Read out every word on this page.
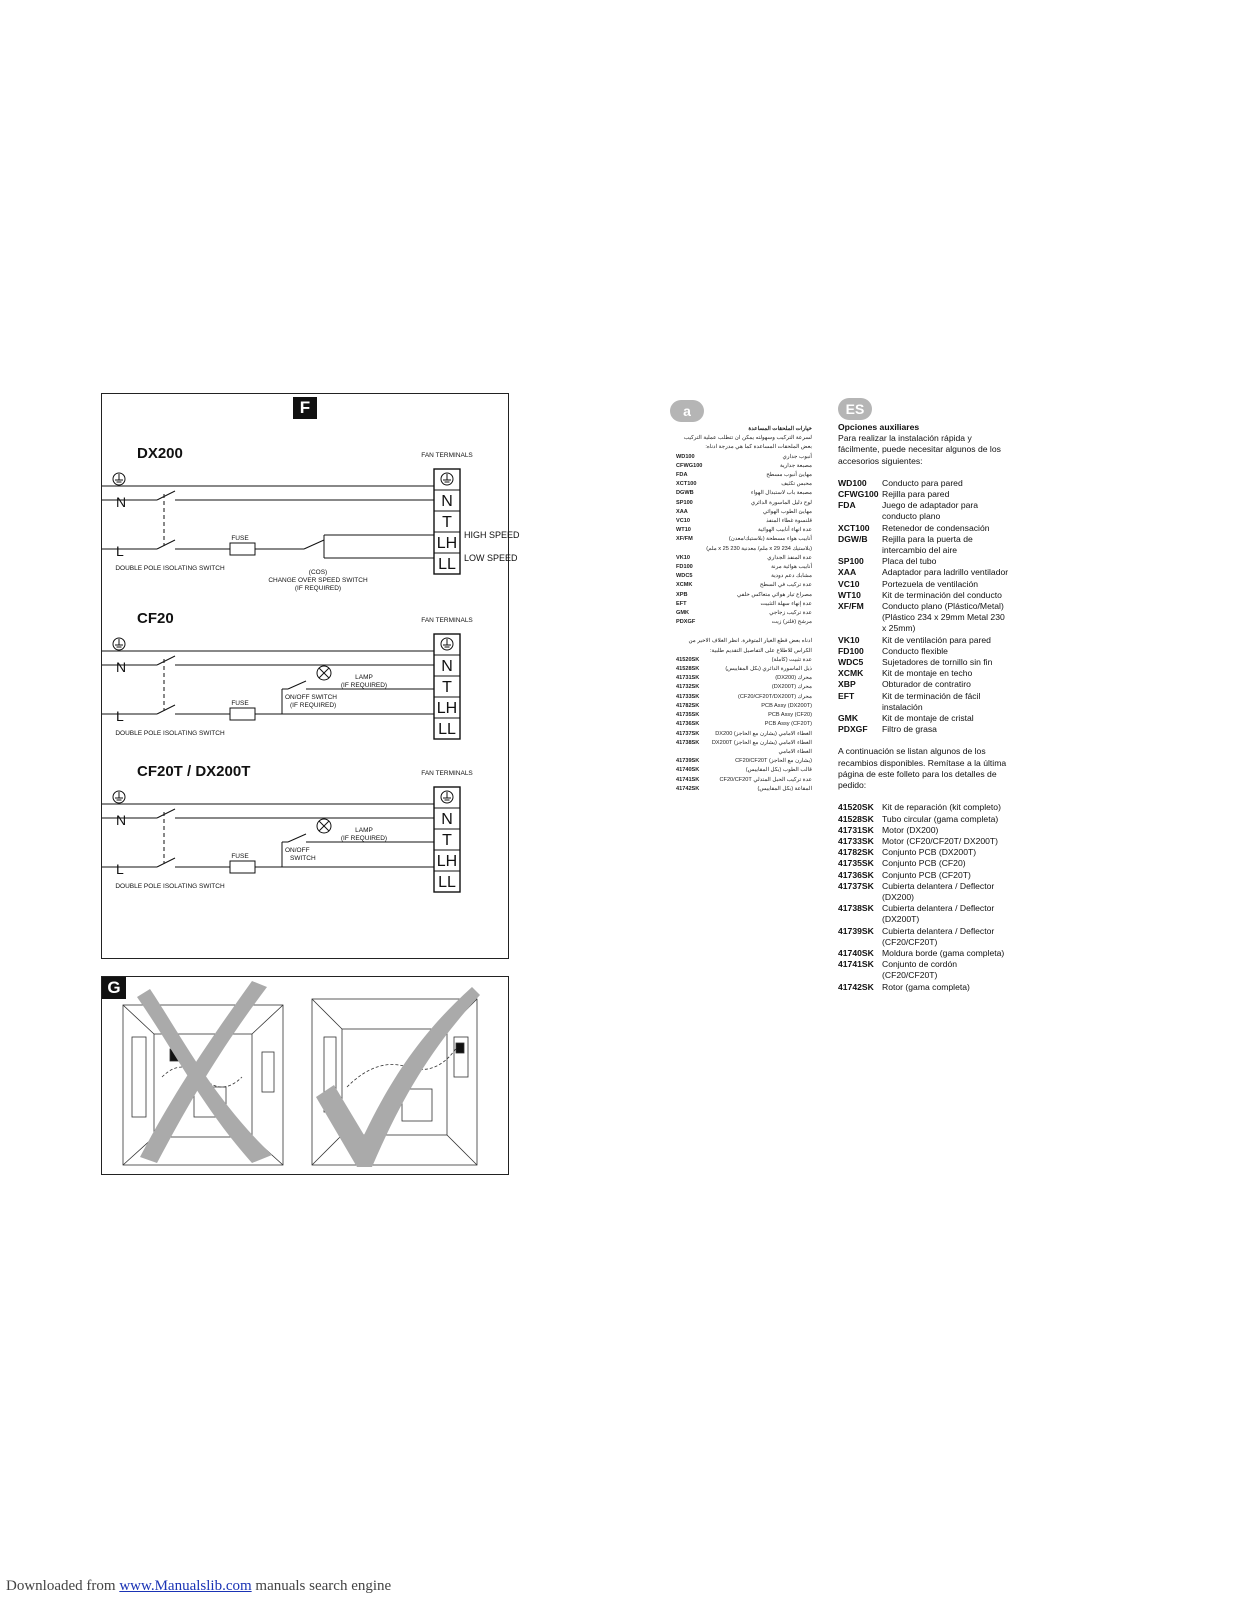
F
DX200	FAN TERMINALS
N
T
LH
LL
N
L
FUSE
DOUBLE POLE ISOLATING SWITCH
HIGH SPEED
LOW SPEED
(COS)
CHANGE OVER SPEED SWITCH
(IF REQUIRED)
CF20	FAN TERMINALS
N
T
LH
LL
N
L
FUSE
DOUBLE POLE ISOLATING SWITCH
LAMP
(IF REQUIRED)
ON/OFF SWITCH
(IF REQUIRED)
CF20T / DX200T	FAN TERMINALS
N
T
LH
LL
N
L
FUSE
DOUBLE POLE ISOLATING SWITCH
LAMP
(IF REQUIRED)
ON/OFF
SWITCH
G
a
خيارات الملحقات المساعدة
لسرعة التركيب وسهولته يمكن ان تتطلب عملية التركيب بعض الملحقات المساعدة كما هي مدرجة ادناه:
WD100	أنبوب جداري
CFWG100	مصبعة جدارية
FDA	مهايئ أنبوب مسطح
XCT100	محبس تكثيف
DGWB	مصبعة باب لاستبدال الهواء
SP100	لوح دليل الماسورة الدائري
XAA	مهايئ الطوب الهوائي
VC10	قلنسوة غطاء المنفذ
WT10	عدة انهاء أنابيب الهوائية
XF/FM	أنابيب هواء مسطحة (بلاستيك/معدن)
(بلاستيك 234 x 29 ملم/ معدنية 230 x 25 ملم)
VK10	عدة المنفذ الجداري
FD100	أنابيب هوائية مرنة
WDC5	مشابك دعم دودية
XCMK	عدة تركيب في السطح
XPB	مصراع تيار هوائي متعاكس خلفي
EFT	عدة إنهاء سهلة التثبيت
GMK	عدة تركيب زجاجي
PDXGF	مرشح (فلتر) زيت
ادناه بعض قطع الغيار المتوفرة. انظر الغلاف الاخير من الكراس للاطلاع على التفاصيل التقديم طلبية:
41520SK	عدة تثبيت (كاملة)
41528SK	ذيل الماسورة الدائري (بكل المقاييس)
41731SK	محرك (DX200)
41732SK	محرك (DX200T)
41733SK	محرك (CF20/CF20T/DX200T)
41782SK	(DX200T) PCB Assy
41735SK	(CF20) PCB Assy
41736SK	(CF20T) PCB Assy
41737SK	الغطاء الامامي (يشارن مع الحاجز) DX200
41738SK الغطاء الامامي (يشارن مع الحاجز) DX200T
الغطاء الامامي
41739SK	(يشارن مع الحاجز) CF20/CF20T
41740SK	قالب الطوب (بكل المقاييس)
41741SK	عدة تركيب الحبل المتدلي CF20/CF20T
41742SK	المقاعة (بكل المقاييس)
ES
Opciones auxiliares
Para realizar la instalación rápida y fácilmente, puede necesitar algunos de los accesorios siguientes:
WD100	Conducto para pared
CFWG100 Rejilla para pared
FDA	Juego de adaptador para conducto plano
XCT100	Retenedor de condensación
DGW/B	Rejilla para la puerta de intercambio del aire
SP100	Placa del tubo
XAA	Adaptador para ladrillo ventilador
VC10	Portezuela de ventilación
WT10	Kit de terminación del conducto
XF/FM	Conducto plano (Plástico/Metal) (Plástico 234 x 29mm Metal 230 x 25mm)
VK10	Kit de ventilación para pared
FD100	Conducto flexible
WDC5	Sujetadores de tornillo sin fin
XCMK	Kit de montaje en techo
XBP	Obturador de contratiro
EFT	Kit de terminación de fácil instalación
GMK	Kit de montaje de cristal
PDXGF	Filtro de grasa
A continuación se listan algunos de los recambios disponibles. Remítase a la última página de este folleto para los detalles de pedido:
41520SK Kit de reparación (kit completo)
41528SK Tubo circular (gama completa)
41731SK Motor (DX200)
41733SK Motor (CF20/CF20T/ DX200T)
41782SK Conjunto PCB (DX200T)
41735SK Conjunto PCB (CF20)
41736SK Conjunto PCB (CF20T)
41737SK Cubierta delantera / Deflector (DX200)
41738SK Cubierta delantera / Deflector (DX200T)
41739SK Cubierta delantera / Deflector (CF20/CF20T)
41740SK Moldura borde (gama completa)
41741SK Conjunto de cordón (CF20/CF20T)
41742SK Rotor (gama completa)
Downloaded from www.Manualslib.com manuals search engine
